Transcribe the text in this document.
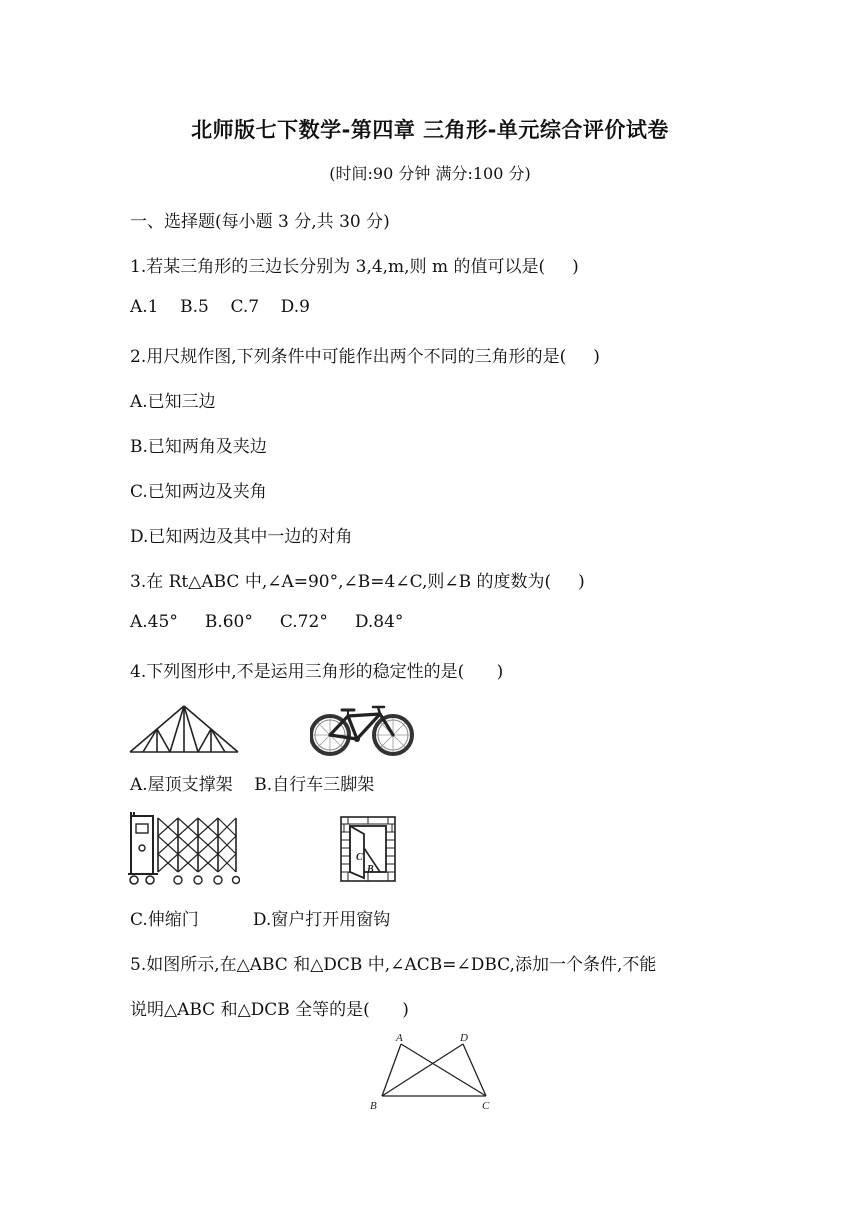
北师版七下数学-第四章 三角形-单元综合评价试卷
(时间:90 分钟 满分:100 分)
一、选择题(每小题 3 分,共 30 分)
1.若某三角形的三边长分别为 3,4,m,则 m 的值可以是(     )
A.1    B.5    C.7    D.9
2.用尺规作图,下列条件中可能作出两个不同的三角形的是(     )
A.已知三边
B.已知两角及夹边
C.已知两边及夹角
D.已知两边及其中一边的对角
3.在 Rt△ABC 中,∠A=90°,∠B=4∠C,则∠B 的度数为(     )
A.45°     B.60°     C.72°     D.84°
4.下列图形中,不是运用三角形的稳定性的是(      )
A.屋顶支撑架    B.自行车三脚架
C
B
C.伸缩门          D.窗户打开用窗钩
5.如图所示,在△ABC 和△DCB 中,∠ACB=∠DBC,添加一个条件,不能
说明△ABC 和△DCB 全等的是(      )
A	D
B	C
